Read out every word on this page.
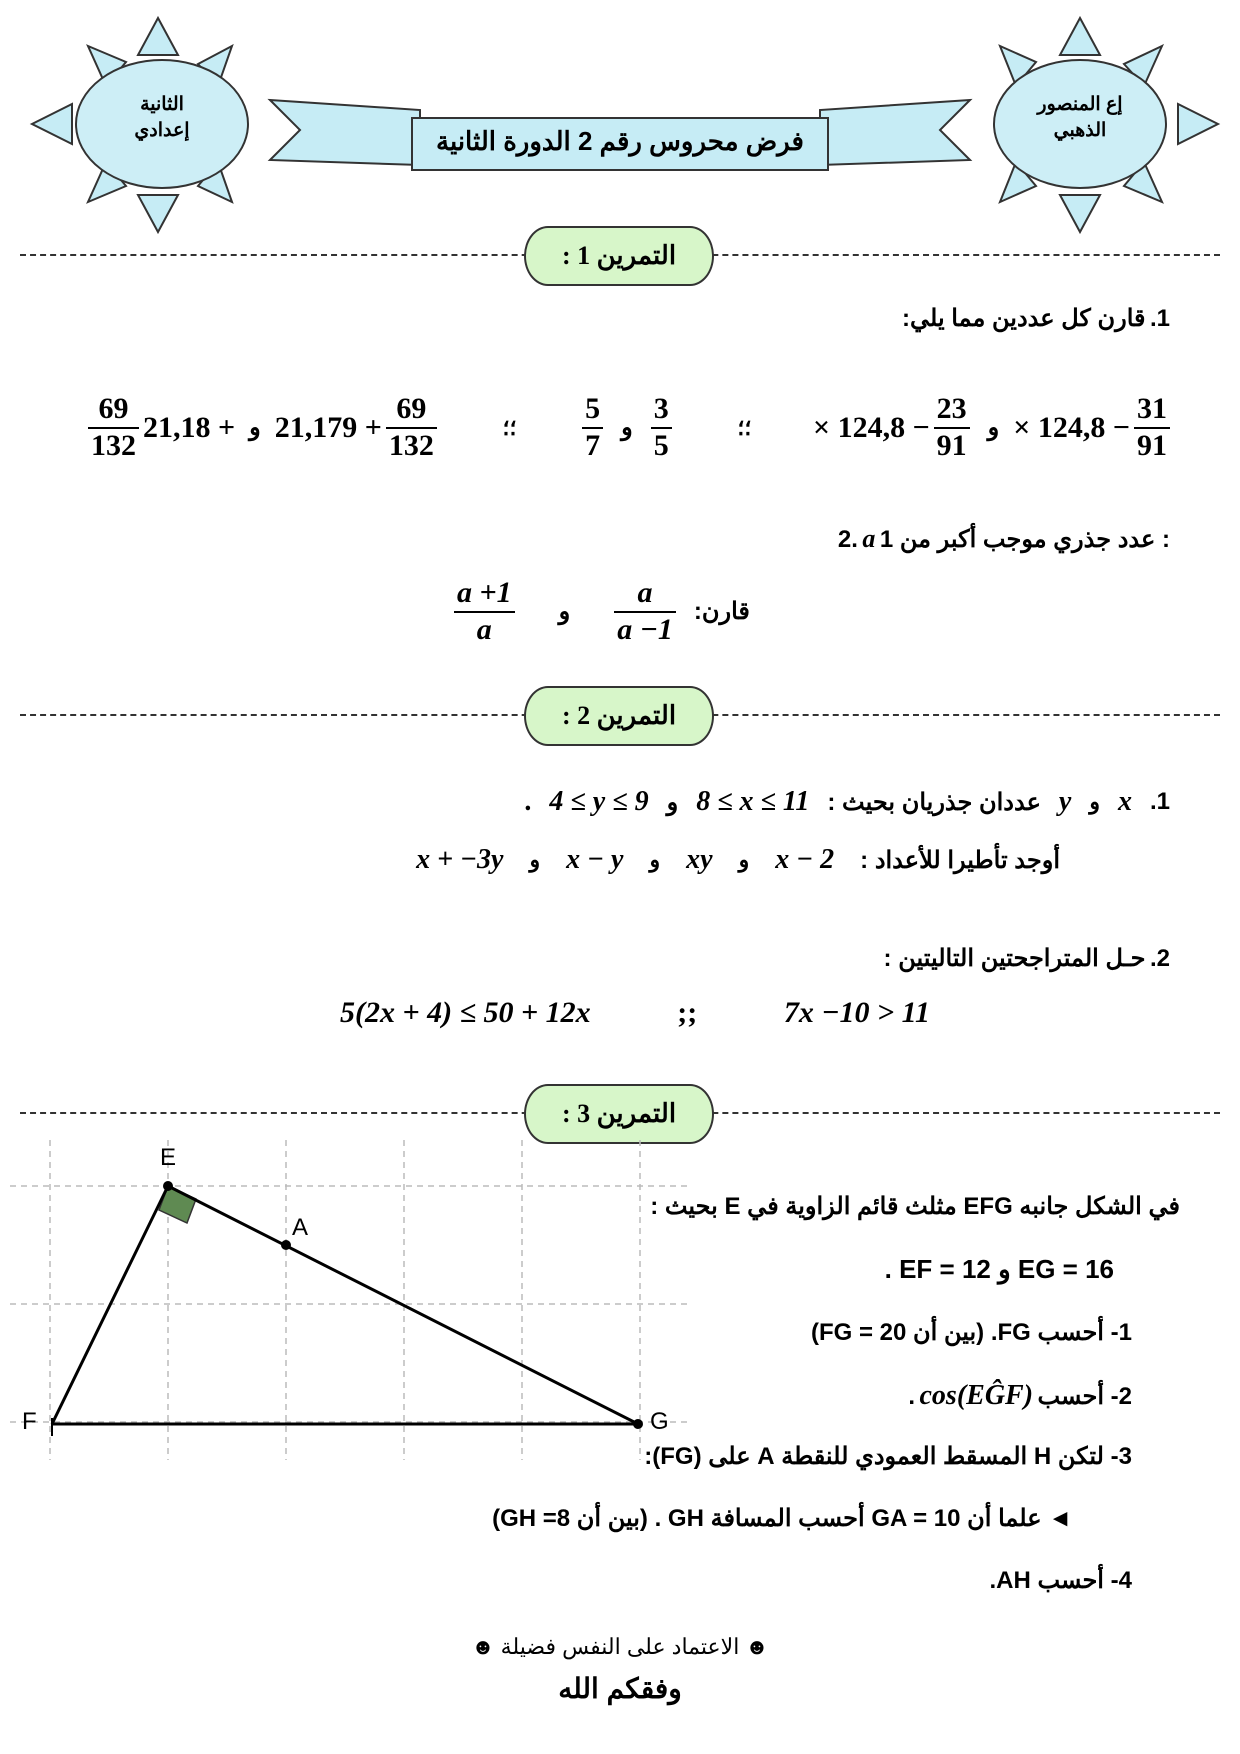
الثانية
إعدادي
إع المنصور
الذهبي
فرض محروس رقم 2 الدورة الثانية
التمرين 1 :
1. قارن كل عددين مما يلي:
$\frac{69}{132} 21,18$ + و $21,179 + \frac{69}{132}$	؛؛ $\frac{5}{7}$ و $\frac{3}{5}$	؛؛ × $124,8 - \frac{23}{91}$ و × $124,8 - \frac{31}{91}$
2. a عدد جذري موجب أكبر من 1 :
$\frac{a +1}{a}$ و $\frac{a}{a -1}$ قارن:
التمرين 2 :
. 4 ≤ y ≤ 9 و 8 ≤ x ≤ 11 عددان جذريان بحيث : y و x 1.
x + −3y و x − y و xy و x − 2 أوجد تأطيرا للأعداد :
2. حـل المتراجحتين التاليتين :
5(2x + 4) ≤ 50 + 12x	;;	7x −10 > 11
التمرين 3 :
E
A
F	G
في الشكل جانبه EFG مثلث قائم الزاوية في E بحيث :
. EF = 12 و EG = 16
1- أحسب FG. (بين أن FG = 20)
2- أحسب cos(EĜF) .
3- لتكن H المسقط العمودي للنقطة A على (FG):
◄ علما أن GA = 10 أحسب المسافة GH . (بين أن GH =8)
4- أحسب AH.
☻ الاعتماد على النفس فضيلة ☻
وفقكم الله
